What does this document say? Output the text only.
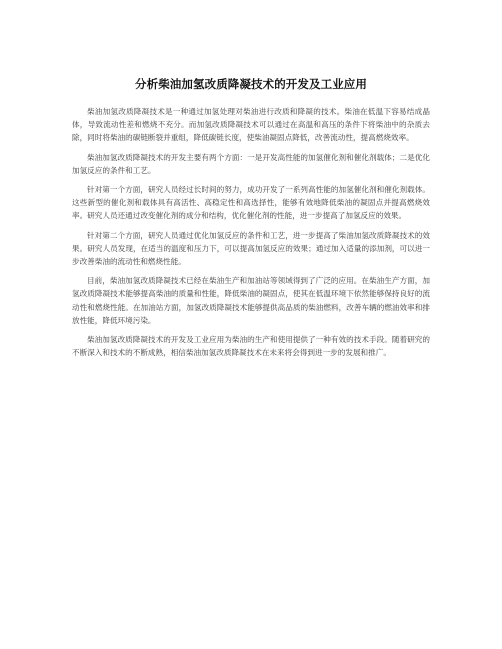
分析柴油加氢改质降凝技术的开发及工业应用

柴油加氢改质降凝技术是一种通过加氢处理对柴油进行改质和降凝的技术。柴油在低温下容易结成晶体，导致流动性差和燃烧不充分。而加氢改质降凝技术可以通过在高温和高压的条件下将柴油中的杂质去除，同时将柴油的碳链断裂并重组，降低碳链长度，使柴油凝固点降低，改善流动性，提高燃烧效率。

柴油加氢改质降凝技术的开发主要有两个方面：一是开发高性能的加氢催化剂和催化剂载体；二是优化加氢反应的条件和工艺。

针对第一个方面，研究人员经过长时间的努力，成功开发了一系列高性能的加氢催化剂和催化剂载体。这些新型的催化剂和载体具有高活性、高稳定性和高选择性，能够有效地降低柴油的凝固点并提高燃烧效率。研究人员还通过改变催化剂的成分和结构，优化催化剂的性能，进一步提高了加氢反应的效果。

针对第二个方面，研究人员通过优化加氢反应的条件和工艺，进一步提高了柴油加氢改质降凝技术的效果。研究人员发现，在适当的温度和压力下，可以提高加氢反应的效果；通过加入适量的添加剂，可以进一步改善柴油的流动性和燃烧性能。

目前，柴油加氢改质降凝技术已经在柴油生产和加油站等领域得到了广泛的应用。在柴油生产方面，加氢改质降凝技术能够提高柴油的质量和性能，降低柴油的凝固点，使其在低温环境下依然能够保持良好的流动性和燃烧性能。在加油站方面，加氢改质降凝技术能够提供高品质的柴油燃料，改善车辆的燃油效率和排放性能，降低环境污染。

柴油加氢改质降凝技术的开发及工业应用为柴油的生产和使用提供了一种有效的技术手段。随着研究的不断深入和技术的不断成熟，相信柴油加氢改质降凝技术在未来将会得到进一步的发展和推广。
